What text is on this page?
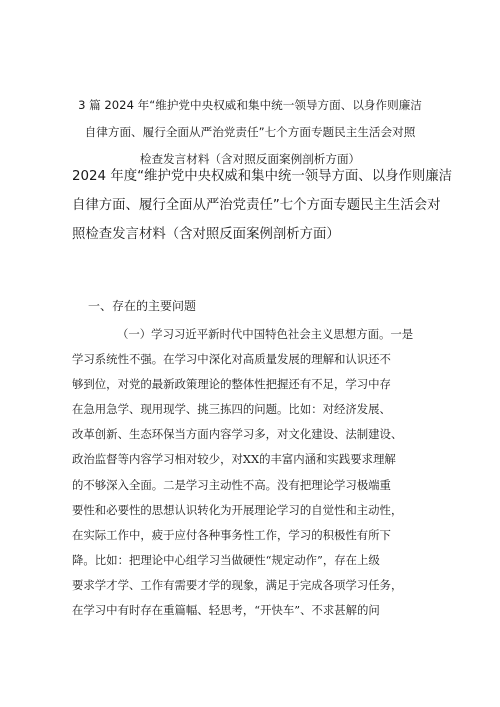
3 篇 2024 年“维护党中央权威和集中统一领导方面、以身作则廉洁
自律方面、履行全面从严治党责任”七个方面专题民主生活会对照
检查发言材料（含对照反面案例剖析方面）
2024 年度“维护党中央权威和集中统一领导方面、以身作则廉洁
自律方面、履行全面从严治党责任”七个方面专题民主生活会对
照检查发言材料（含对照反面案例剖析方面）
一、存在的主要问题
（一）学习习近平新时代中国特色社会主义思想方面。一是
学习系统性不强。在学习中深化对高质量发展的理解和认识还不
够到位，对党的最新政策理论的整体性把握还有不足，学习中存
在急用急学、现用现学、挑三拣四的问题。比如：对经济发展、
改革创新、生态环保当方面内容学习多，对文化建设、法制建设、
政治监督等内容学习相对较少，对XX的丰富内涵和实践要求理解
的不够深入全面。二是学习主动性不高。没有把理论学习极端重
要性和必要性的思想认识转化为开展理论学习的自觉性和主动性，
在实际工作中，疲于应付各种事务性工作，学习的积极性有所下
降。比如：把理论中心组学习当做硬性“规定动作”，存在上级
要求学才学、工作有需要才学的现象，满足于完成各项学习任务，
在学习中有时存在重篇幅、轻思考，“开快车”、不求甚解的问
